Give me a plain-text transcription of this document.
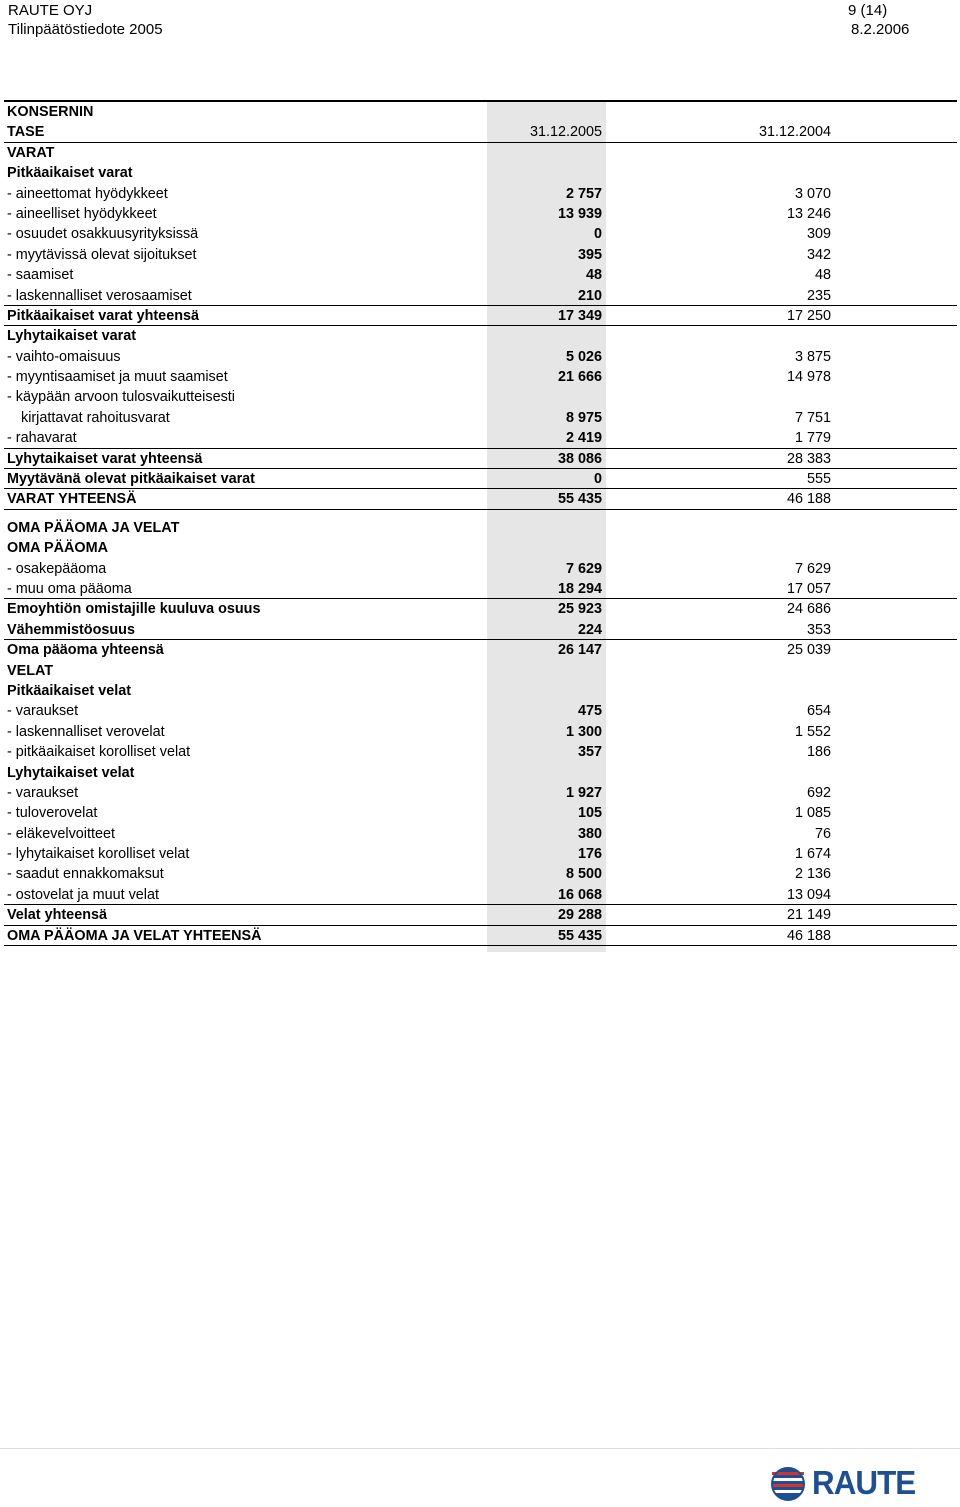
RAUTE OYJ	9 (14)
Tilinpäätöstiedote 2005	8.2.2006
KONSERNIN
TASE	31.12.2005	31.12.2004
VARAT
Pitkäaikaiset varat
- aineettomat hyödykkeet	2 757	3 070
- aineelliset hyödykkeet	13 939	13 246
- osuudet osakkuusyrityksissä	0	309
- myytävissä olevat sijoitukset	395	342
- saamiset	48	48
- laskennalliset verosaamiset	210	235
Pitkäaikaiset varat yhteensä	17 349	17 250
Lyhytaikaiset varat
- vaihto-omaisuus	5 026	3 875
- myyntisaamiset ja muut saamiset	21 666	14 978
- käypään arvoon tulosvaikutteisesti
kirjattavat rahoitusvarat	8 975	7 751
- rahavarat	2 419	1 779
Lyhytaikaiset varat yhteensä	38 086	28 383
Myytävänä olevat pitkäaikaiset varat	0	555
VARAT YHTEENSÄ	55 435	46 188
OMA PÄÄOMA JA VELAT
OMA PÄÄOMA
- osakepääoma	7 629	7 629
- muu oma pääoma	18 294	17 057
Emoyhtiön omistajille kuuluva osuus	25 923	24 686
Vähemmistöosuus	224	353
Oma pääoma yhteensä	26 147	25 039
VELAT
Pitkäaikaiset velat
- varaukset	475	654
- laskennalliset verovelat	1 300	1 552
- pitkäaikaiset korolliset velat	357	186
Lyhytaikaiset velat
- varaukset	1 927	692
- tuloverovelat	105	1 085
- eläkevelvoitteet	380	76
- lyhytaikaiset korolliset velat	176	1 674
- saadut ennakkomaksut	8 500	2 136
- ostovelat ja muut velat	16 068	13 094
Velat yhteensä	29 288	21 149
OMA PÄÄOMA JA VELAT YHTEENSÄ	55 435	46 188
RAUTE
